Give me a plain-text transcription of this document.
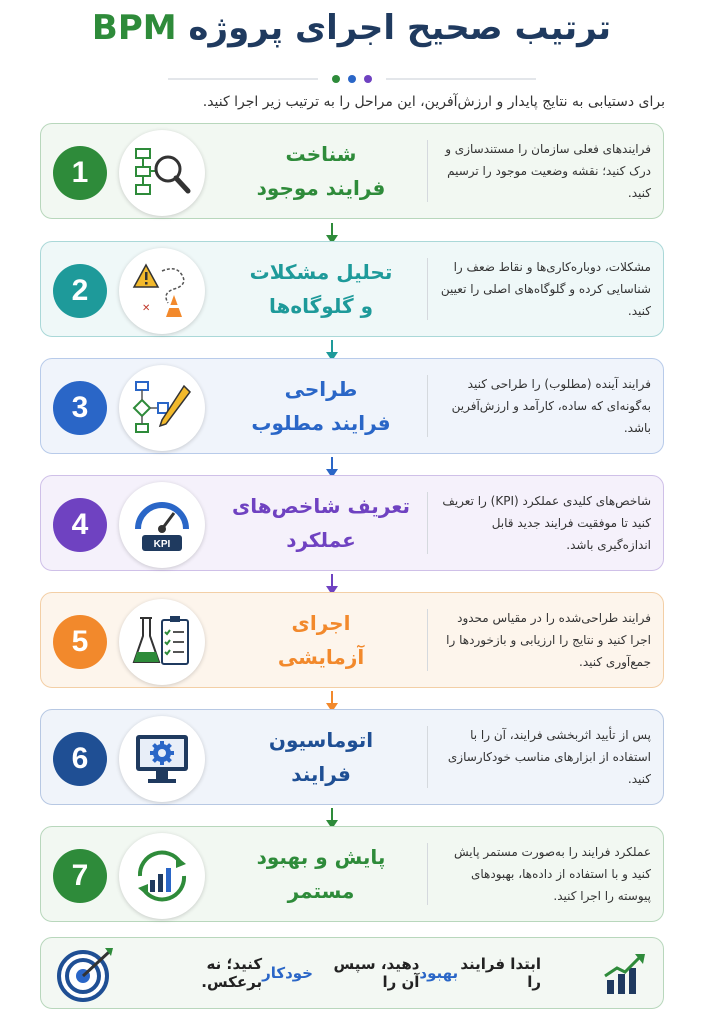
ترتیب صحیح اجرای پروژه BPM
برای دستیابی به نتایج پایدار و ارزش‌آفرین، این مراحل را به ترتیب زیر اجرا کنید.
1
شناخت
فرایند موجود
فرایندهای فعلی سازمان را مستندسازی و درک کنید؛ نقشه وضعیت موجود را ترسیم کنید.
2
✕
تحلیل مشکلات
و گلوگاه‌ها
مشکلات، دوباره‌کاری‌ها و نقاط ضعف را شناسایی کرده و گلوگاه‌های اصلی را تعیین کنید.
3
طراحی
فرایند مطلوب
فرایند آینده (مطلوب) را طراحی کنید به‌گونه‌ای که ساده، کارآمد و ارزش‌آفرین باشد.
4
KPI
تعریف شاخص‌های
عملکرد
شاخص‌های کلیدی عملکرد (KPI) را تعریف کنید تا موفقیت فرایند جدید قابل اندازه‌گیری باشد.
5
اجرای
آزمایشی
فرایند طراحی‌شده را در مقیاس محدود اجرا کنید و نتایج را ارزیابی و بازخوردها را جمع‌آوری کنید.
6
اتوماسیون
فرایند
پس از تأیید اثربخشی فرایند، آن را با استفاده از ابزارهای مناسب خودکارسازی کنید.
7
پایش و بهبود
مستمر
عملکرد فرایند را به‌صورت مستمر پایش کنید و با استفاده از داده‌ها، بهبودهای پیوسته را اجرا کنید.
ابتدا فرایند را
بهبود
دهید، سپس آن را
خودکار
کنید؛ نه برعکس.
